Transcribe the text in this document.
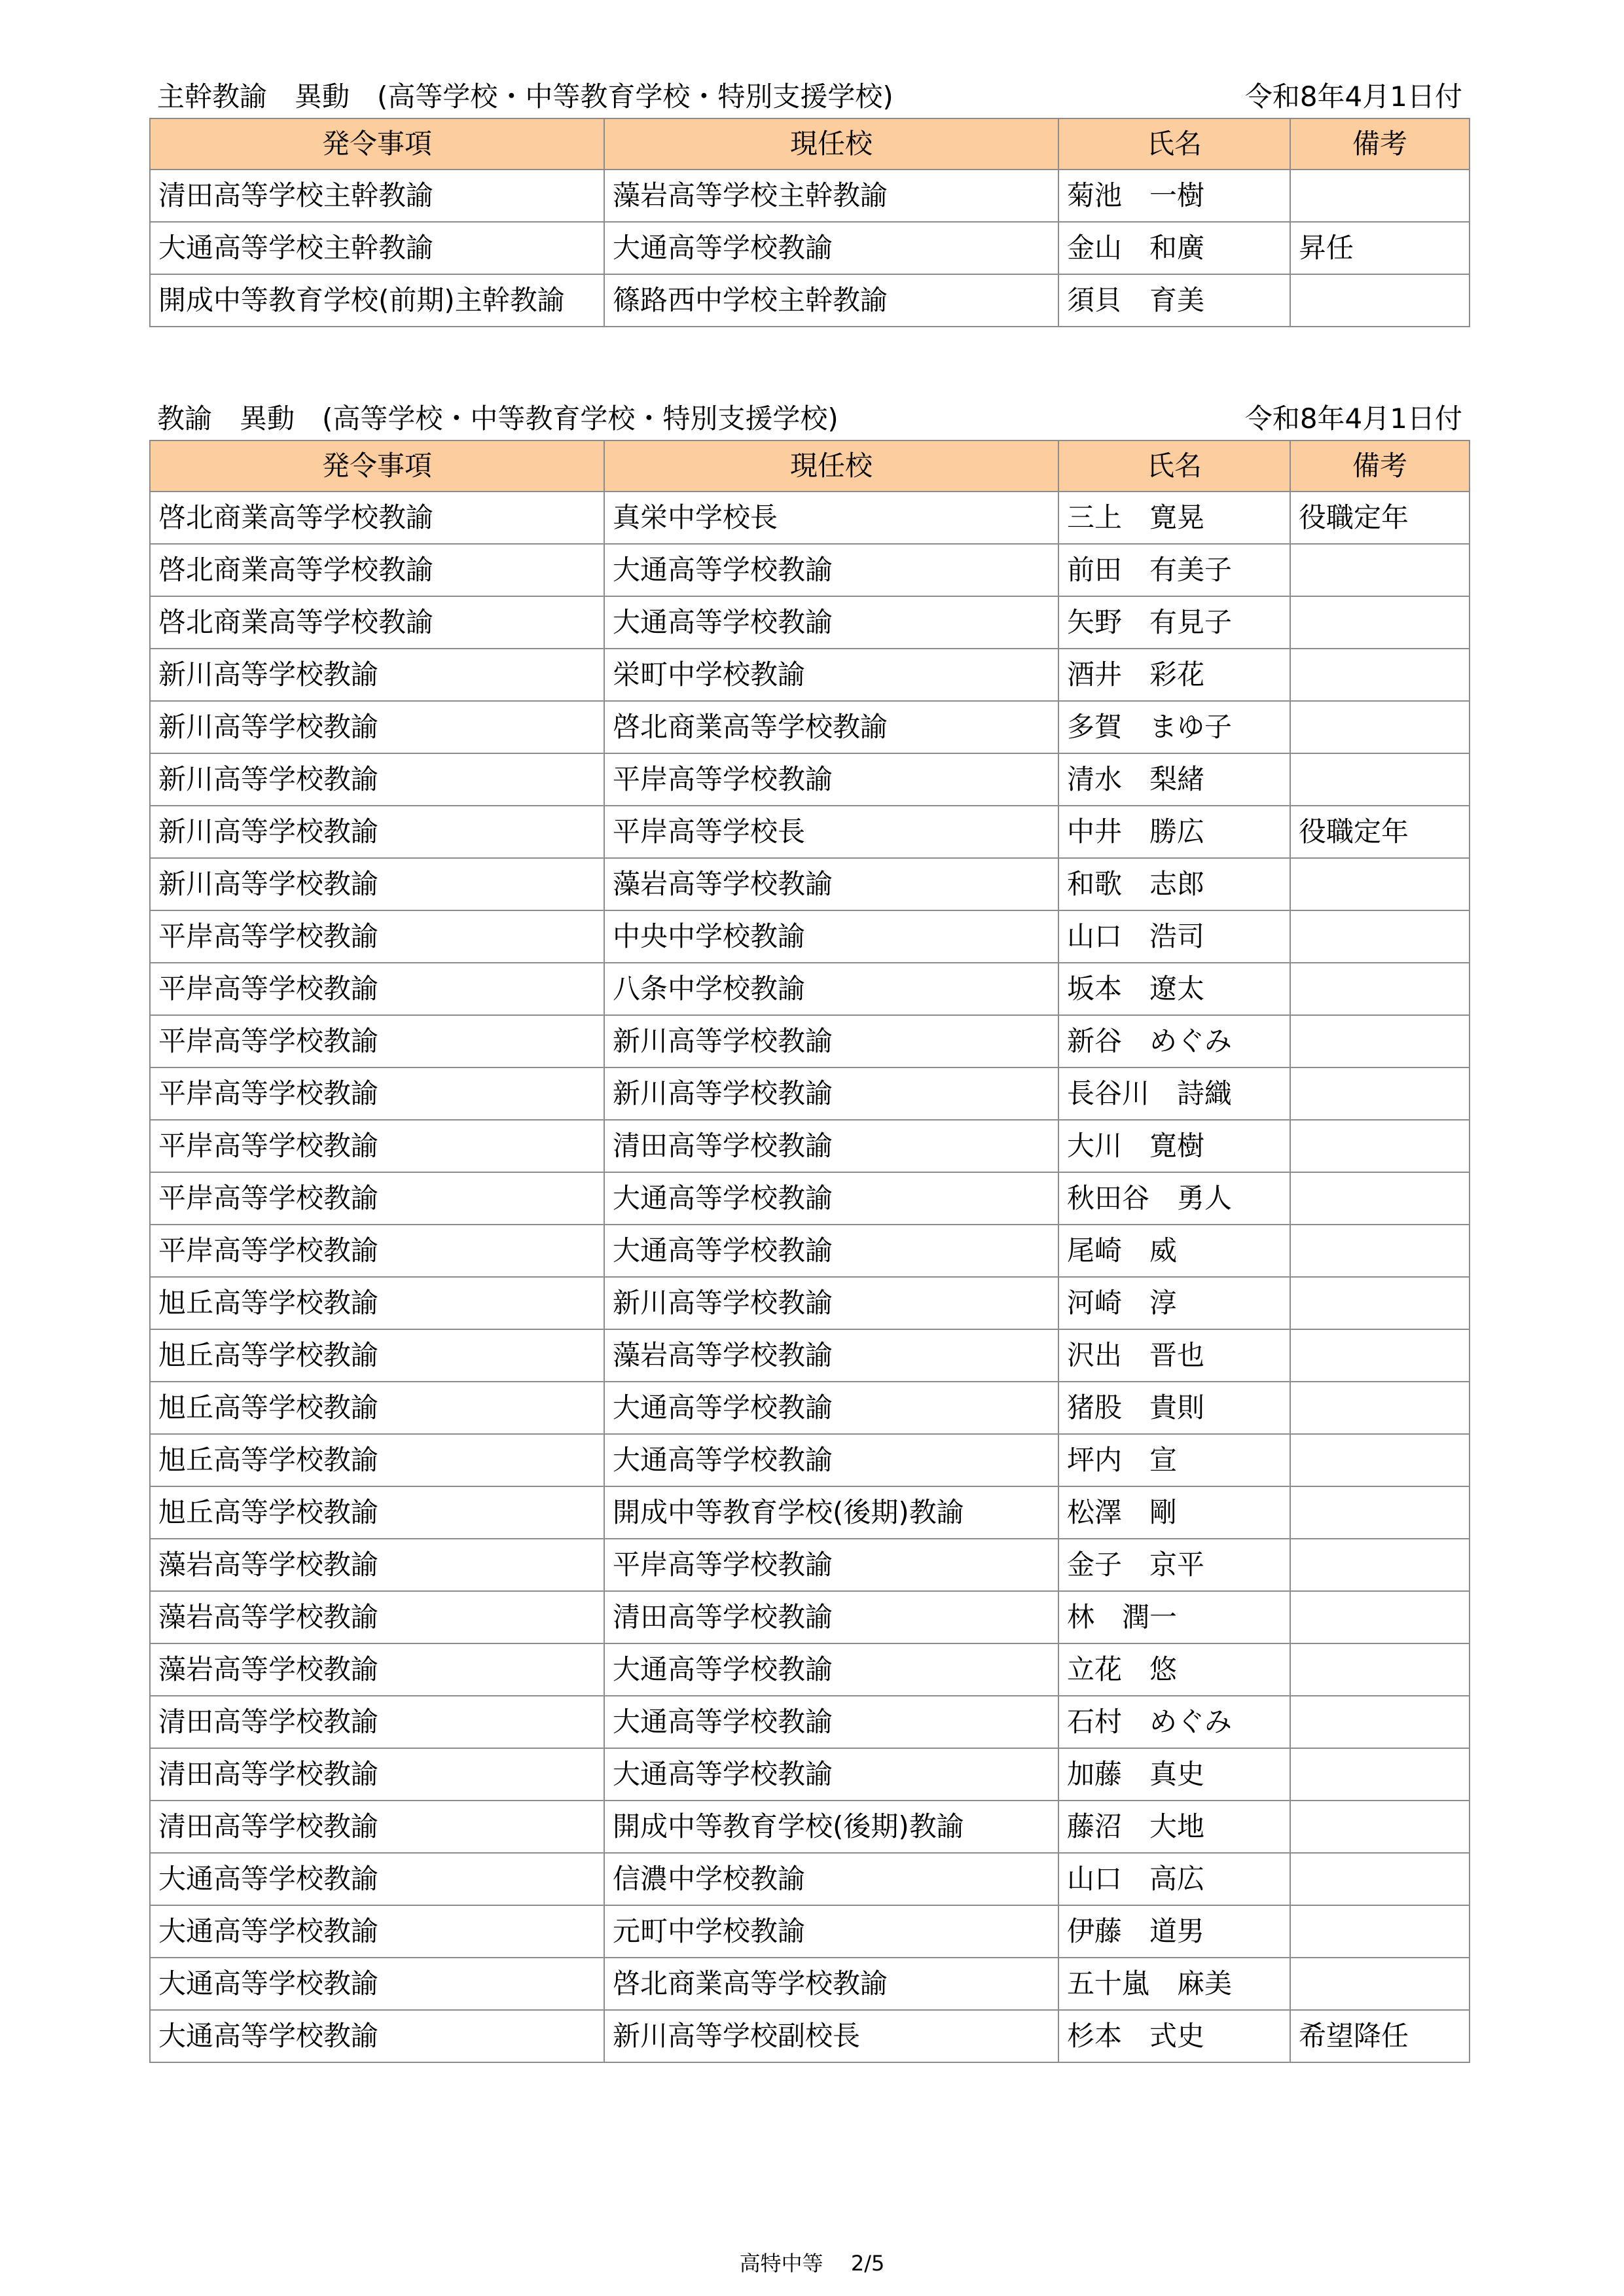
主幹教諭　異動　(高等学校・中等教育学校・特別支援学校)	令和8年4月1日付
発令事項	現任校	氏名	備考
清田高等学校主幹教諭	藻岩高等学校主幹教諭	菊池　一樹	
大通高等学校主幹教諭	大通高等学校教諭	金山　和廣	昇任
開成中等教育学校(前期)主幹教諭	篠路西中学校主幹教諭	須貝　育美	
教諭　異動　(高等学校・中等教育学校・特別支援学校)	令和8年4月1日付
発令事項	現任校	氏名	備考
啓北商業高等学校教諭	真栄中学校長	三上　寛晃	役職定年
啓北商業高等学校教諭	大通高等学校教諭	前田　有美子	
啓北商業高等学校教諭	大通高等学校教諭	矢野　有見子	
新川高等学校教諭	栄町中学校教諭	酒井　彩花	
新川高等学校教諭	啓北商業高等学校教諭	多賀　まゆ子	
新川高等学校教諭	平岸高等学校教諭	清水　梨緒	
新川高等学校教諭	平岸高等学校長	中井　勝広	役職定年
新川高等学校教諭	藻岩高等学校教諭	和歌　志郎	
平岸高等学校教諭	中央中学校教諭	山口　浩司	
平岸高等学校教諭	八条中学校教諭	坂本　遼太	
平岸高等学校教諭	新川高等学校教諭	新谷　めぐみ	
平岸高等学校教諭	新川高等学校教諭	長谷川　詩織	
平岸高等学校教諭	清田高等学校教諭	大川　寛樹	
平岸高等学校教諭	大通高等学校教諭	秋田谷　勇人	
平岸高等学校教諭	大通高等学校教諭	尾崎　威	
旭丘高等学校教諭	新川高等学校教諭	河崎　淳	
旭丘高等学校教諭	藻岩高等学校教諭	沢出　晋也	
旭丘高等学校教諭	大通高等学校教諭	猪股　貴則	
旭丘高等学校教諭	大通高等学校教諭	坪内　宣	
旭丘高等学校教諭	開成中等教育学校(後期)教諭	松澤　剛	
藻岩高等学校教諭	平岸高等学校教諭	金子　京平	
藻岩高等学校教諭	清田高等学校教諭	林　潤一	
藻岩高等学校教諭	大通高等学校教諭	立花　悠	
清田高等学校教諭	大通高等学校教諭	石村　めぐみ	
清田高等学校教諭	大通高等学校教諭	加藤　真史	
清田高等学校教諭	開成中等教育学校(後期)教諭	藤沼　大地	
大通高等学校教諭	信濃中学校教諭	山口　高広	
大通高等学校教諭	元町中学校教諭	伊藤　道男	
大通高等学校教諭	啓北商業高等学校教諭	五十嵐　麻美	
大通高等学校教諭	新川高等学校副校長	杉本　式史	希望降任
高特中等　 2/5
